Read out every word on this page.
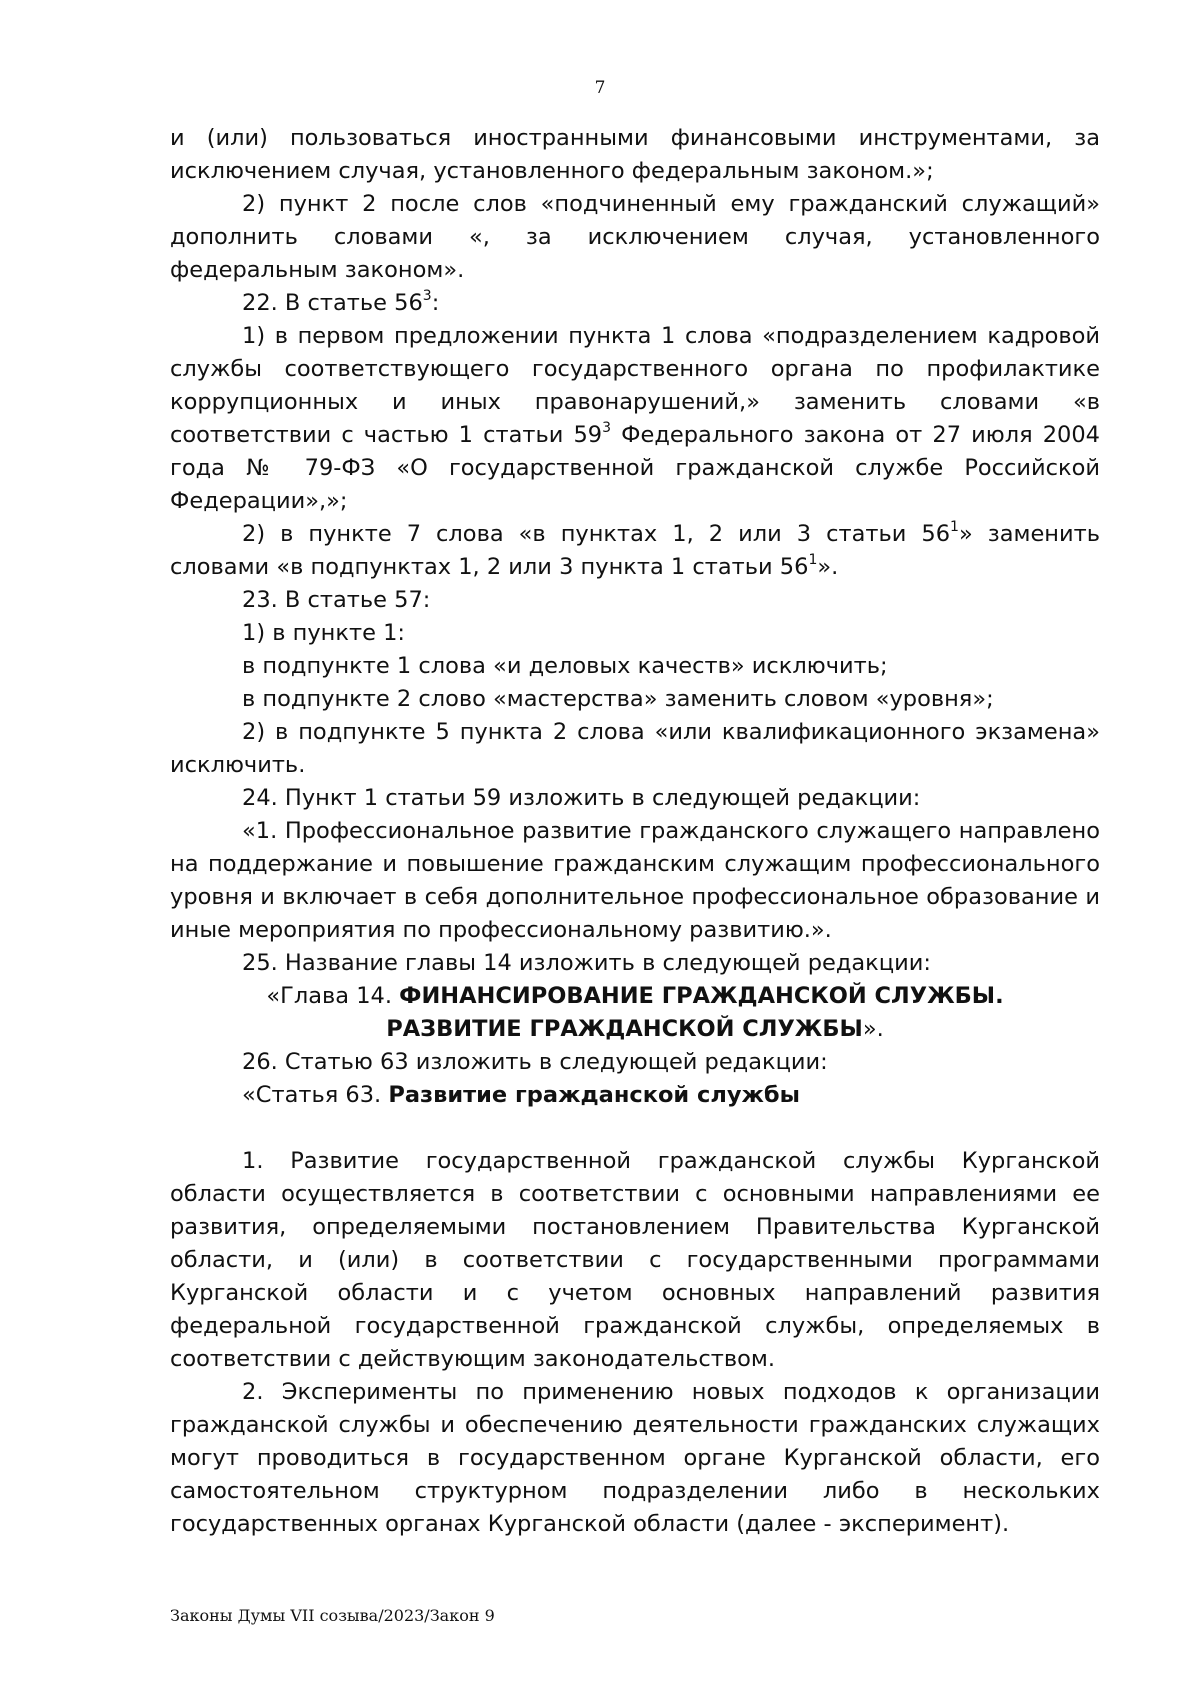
7

и (или) пользоваться иностранными финансовыми инструментами, за исключением случая, установленного федеральным законом.»;

2) пункт 2 после слов «подчиненный ему гражданский служащий» дополнить словами «, за исключением случая, установленного федеральным законом».

22. В статье $56^3$:

1) в первом предложении пункта 1 слова «подразделением кадровой службы соответствующего государственного органа по профилактике коррупционных и иных правонарушений,» заменить словами «в соответствии с частью 1 статьи $59^3$ Федерального закона от 27 июля 2004 года № 79-ФЗ «О государственной гражданской службе Российской Федерации»,»;

2) в пункте 7 слова «в пунктах 1, 2 или 3 статьи $56^1$» заменить словами «в подпунктах 1, 2 или 3 пункта 1 статьи $56^1$».

23. В статье 57:

1) в пункте 1:

в подпункте 1 слова «и деловых качеств» исключить;

в подпункте 2 слово «мастерства» заменить словом «уровня»;

2) в подпункте 5 пункта 2 слова «или квалификационного экзамена» исключить.

24. Пункт 1 статьи 59 изложить в следующей редакции:

«1. Профессиональное развитие гражданского служащего направлено на поддержание и повышение гражданским служащим профессионального уровня и включает в себя дополнительное профессиональное образование и иные мероприятия по профессиональному развитию.».

25. Название главы 14 изложить в следующей редакции:

«Глава 14. ФИНАНСИРОВАНИЕ ГРАЖДАНСКОЙ СЛУЖБЫ.
РАЗВИТИЕ ГРАЖДАНСКОЙ СЛУЖБЫ».

26. Статью 63 изложить в следующей редакции:

«Статья 63. Развитие гражданской службы

1. Развитие государственной гражданской службы Курганской области осуществляется в соответствии с основными направлениями ее развития, определяемыми постановлением Правительства Курганской области, и (или) в соответствии с государственными программами Курганской области и с учетом основных направлений развития федеральной государственной гражданской службы, определяемых в соответствии с действующим законодательством.

2. Эксперименты по применению новых подходов к организации гражданской службы и обеспечению деятельности гражданских служащих могут проводиться в государственном органе Курганской области, его самостоятельном структурном подразделении либо в нескольких государственных органах Курганской области (далее - эксперимент).

Законы Думы VII созыва/2023/Закон 9
